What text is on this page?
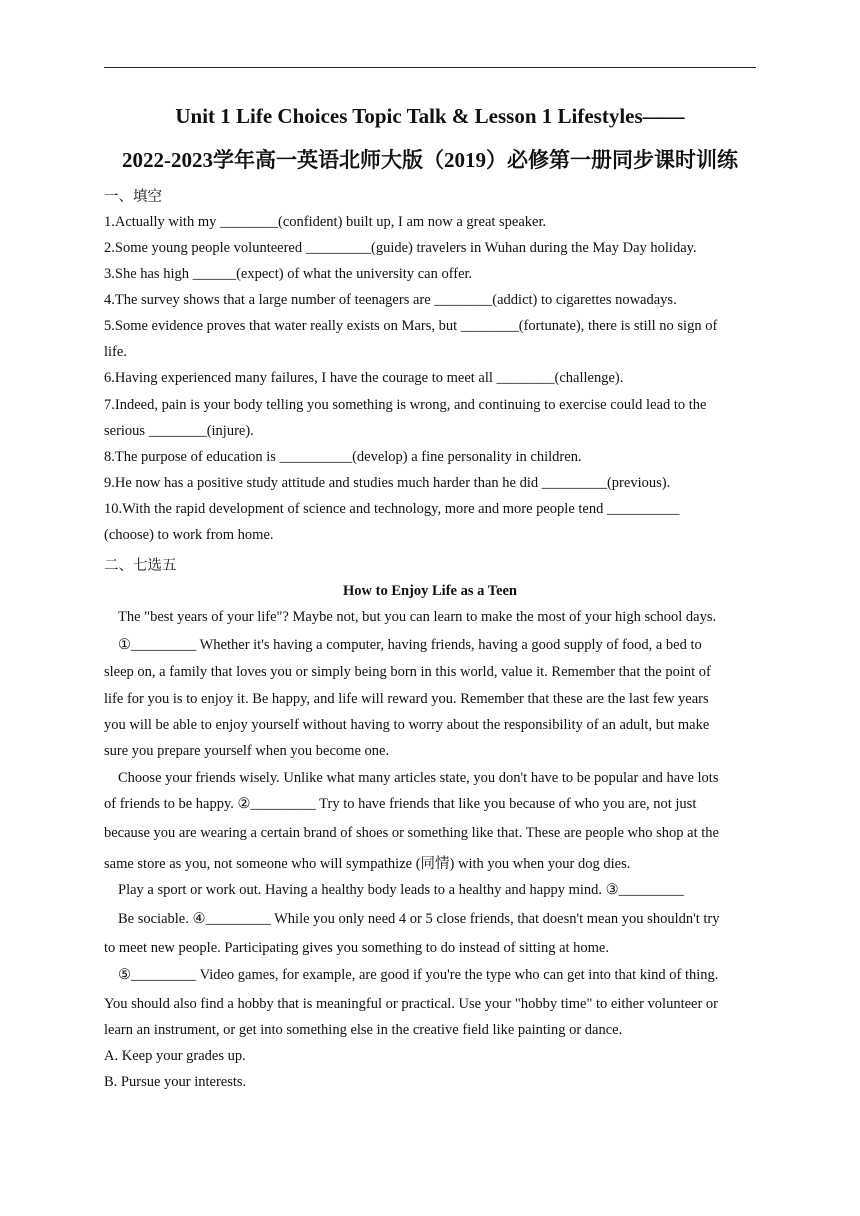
Unit 1 Life Choices Topic Talk & Lesson 1 Lifestyles——
2022-2023学年高一英语北师大版（2019）必修第一册同步课时训练
一、填空
1.Actually with my ________(confident) built up, I am now a great speaker.
2.Some young people volunteered _________(guide) travelers in Wuhan during the May Day holiday.
3.She has high ______(expect) of what the university can offer.
4.The survey shows that a large number of teenagers are ________(addict) to cigarettes nowadays.
5.Some evidence proves that water really exists on Mars, but ________(fortunate), there is still no sign of
life.
6.Having experienced many failures, I have the courage to meet all ________(challenge).
7.Indeed, pain is your body telling you something is wrong, and continuing to exercise could lead to the
serious ________(injure).
8.The purpose of education is __________(develop) a fine personality in children.
9.He now has a positive study attitude and studies much harder than he did _________(previous).
10.With the rapid development of science and technology, more and more people tend __________
(choose) to work from home.
二、七选五
How to Enjoy Life as a Teen
The "best years of your life"? Maybe not, but you can learn to make the most of your high school days.
①_________ Whether it's having a computer, having friends, having a good supply of food, a bed to
sleep on, a family that loves you or simply being born in this world, value it. Remember that the point of
life for you is to enjoy it. Be happy, and life will reward you. Remember that these are the last few years
you will be able to enjoy yourself without having to worry about the responsibility of an adult, but make
sure you prepare yourself when you become one.
Choose your friends wisely. Unlike what many articles state, you don't have to be popular and have lots
of friends to be happy. ②_________ Try to have friends that like you because of who you are, not just
because you are wearing a certain brand of shoes or something like that. These are people who shop at the
same store as you, not someone who will sympathize (同情) with you when your dog dies.
Play a sport or work out. Having a healthy body leads to a healthy and happy mind. ③_________
Be sociable. ④_________ While you only need 4 or 5 close friends, that doesn't mean you shouldn't try
to meet new people. Participating gives you something to do instead of sitting at home.
⑤_________ Video games, for example, are good if you're the type who can get into that kind of thing.
You should also find a hobby that is meaningful or practical. Use your "hobby time" to either volunteer or
learn an instrument, or get into something else in the creative field like painting or dance.
A. Keep your grades up.
B. Pursue your interests.
